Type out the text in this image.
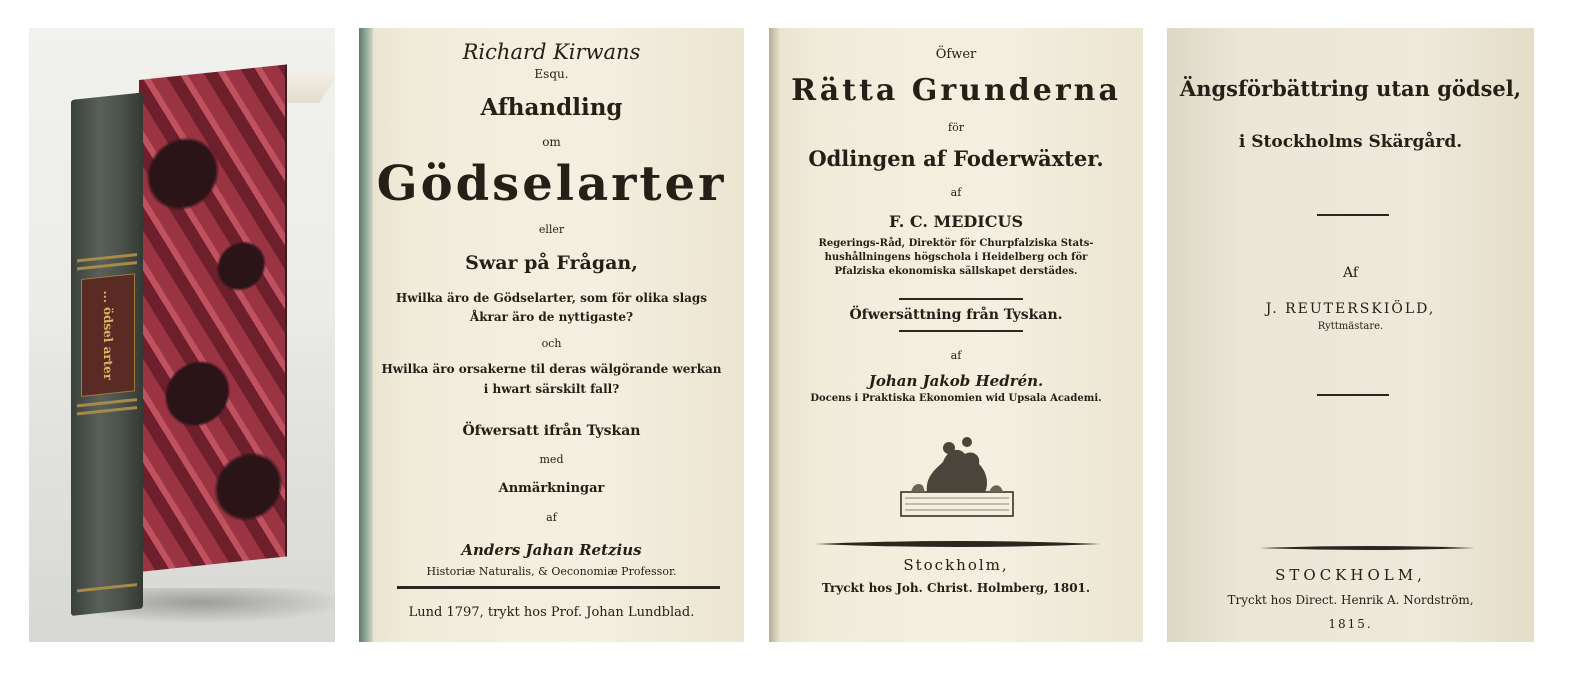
... ödsel arter
Richard Kirwans
Esqu.
Afhandling
om
Gödselarter
eller
Swar på Frågan,
Hwilka äro de Gödselarter, som för olika slags
Åkrar äro de nyttigaste?
och
Hwilka äro orsakerne til deras wälgörande werkan
i hwart särskilt fall?
Öfwersatt ifrån Tyskan
med
Anmärkningar
af
Anders Jahan Retzius
Historiæ Naturalis, & Oeconomiæ Professor.
Lund 1797, trykt hos Prof. Johan Lundblad.
Öfwer
Rätta Grunderna
för
Odlingen af Foderwäxter.
af
F. C. MEDICUS
Regerings-Råd, Direktör för Churpfalziska Stats-
hushållningens högschola i Heidelberg och för
Pfalziska ekonomiska sällskapet derstädes.
Öfwersättning från Tyskan.
af
Johan Jakob Hedrén.
Docens i Praktiska Ekonomien wid Upsala Academi.
Stockholm,
Tryckt hos Joh. Christ. Holmberg, 1801.
Ängsförbättring utan gödsel,
i Stockholms Skärgård.
Af
J. REUTERSKIÖLD,
Ryttmästare.
STOCKHOLM,
Tryckt hos Direct. Henrik A. Nordström,
1815.
